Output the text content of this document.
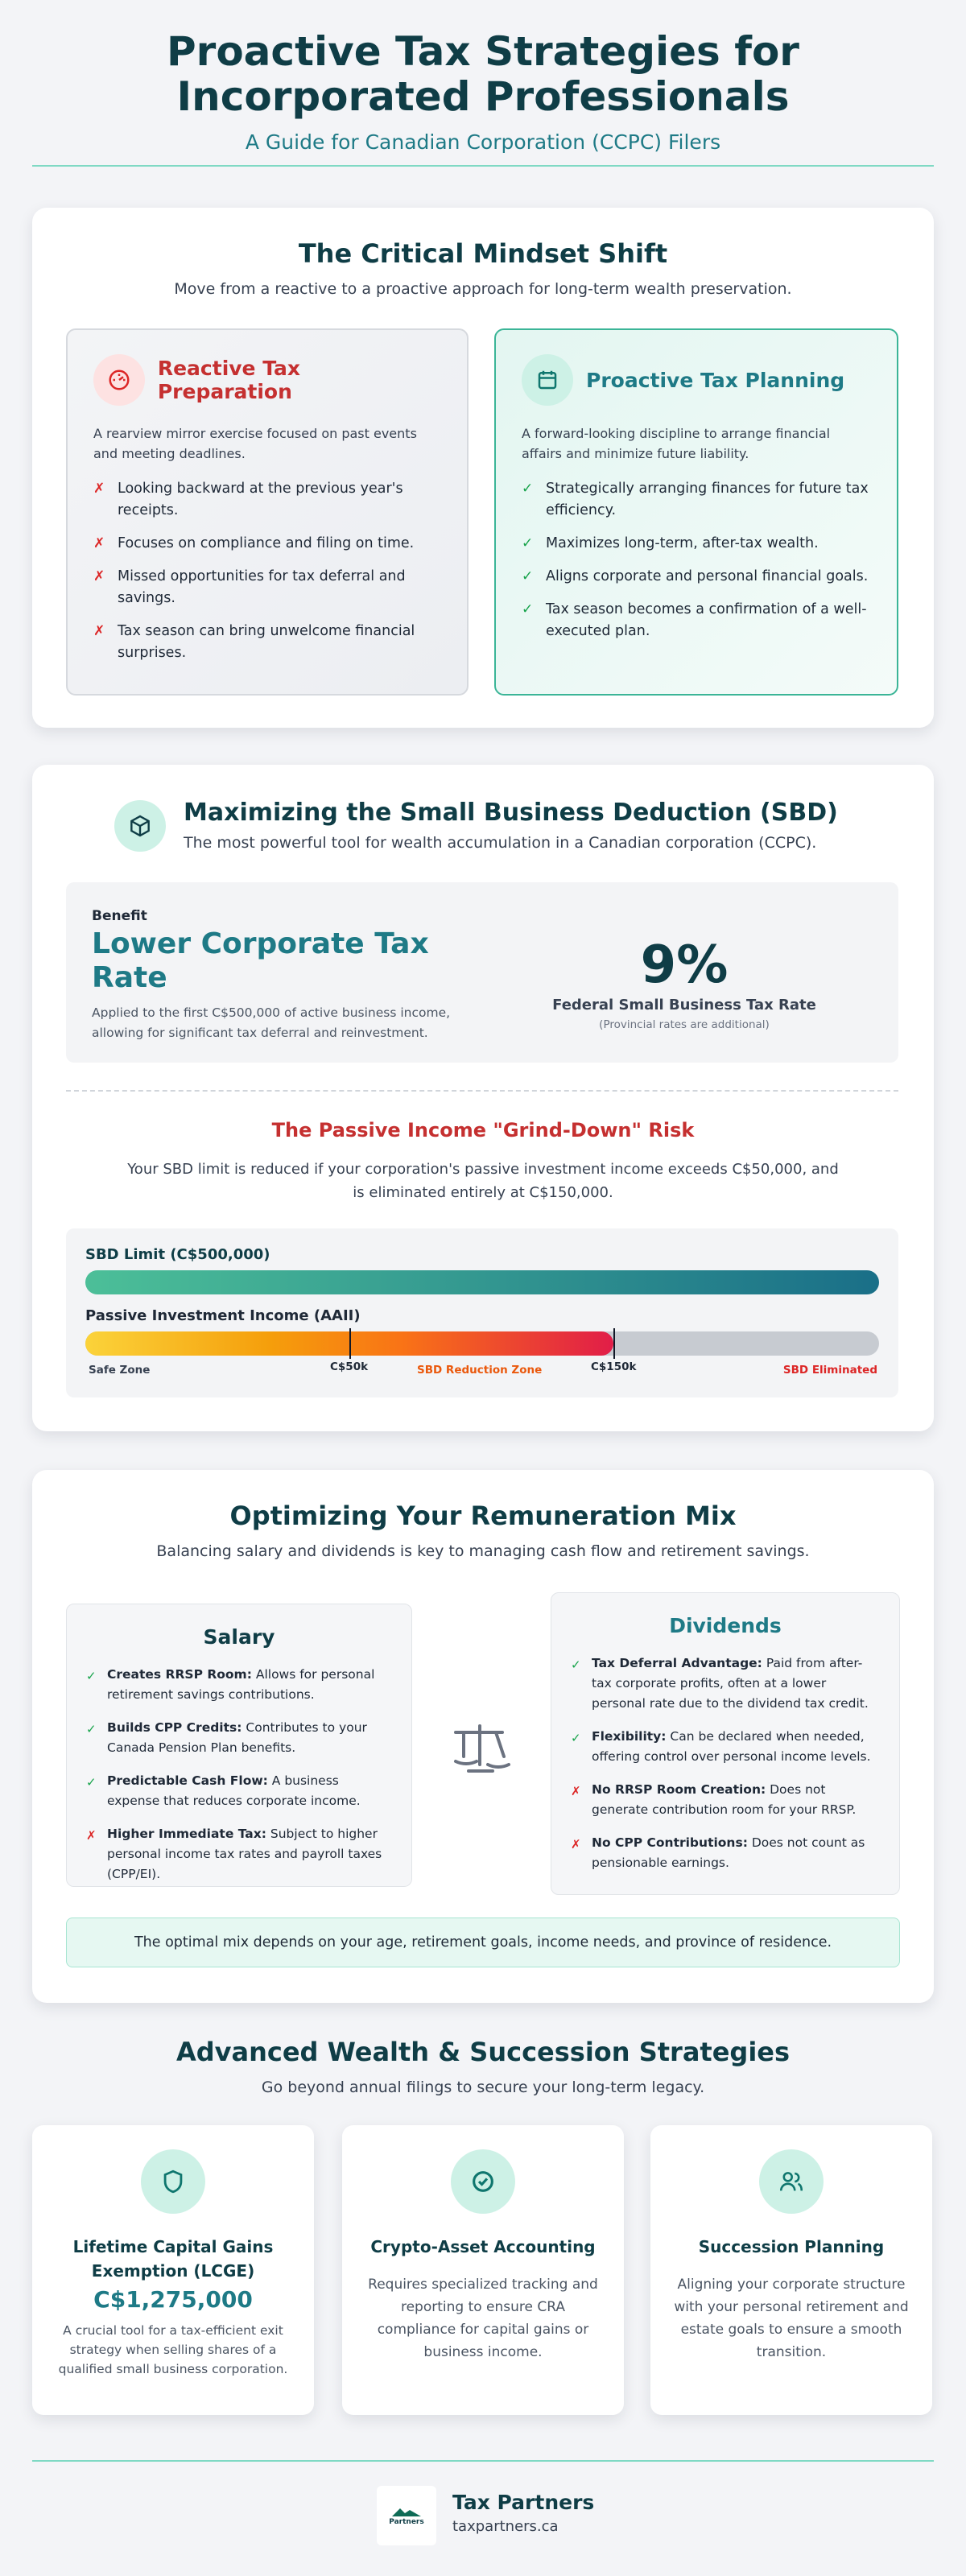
Proactive Tax Strategies for
Incorporated Professionals
A Guide for Canadian Corporation (CCPC) Filers
The Critical Mindset Shift
Move from a reactive to a proactive approach for long-term wealth preservation.
Reactive Tax Preparation
A rearview mirror exercise focused on past events and meeting deadlines.
✗ Looking backward at the previous year's receipts.
✗ Focuses on compliance and filing on time.
✗ Missed opportunities for tax deferral and savings.
✗ Tax season can bring unwelcome financial surprises.
Proactive Tax Planning
A forward-looking discipline to arrange financial affairs and minimize future liability.
✓ Strategically arranging finances for future tax efficiency.
✓ Maximizes long-term, after-tax wealth.
✓ Aligns corporate and personal financial goals.
✓ Tax season becomes a confirmation of a well-executed plan.
Maximizing the Small Business Deduction (SBD)
The most powerful tool for wealth accumulation in a Canadian corporation (CCPC).
Benefit
Lower Corporate Tax
Rate
Applied to the first C$500,000 of active business income, allowing for significant tax deferral and reinvestment.
9%
Federal Small Business Tax Rate
(Provincial rates are additional)
The Passive Income "Grind-Down" Risk
Your SBD limit is reduced if your corporation's passive investment income exceeds C$50,000, and
is eliminated entirely at C$150,000.
SBD Limit (C$500,000)
Passive Investment Income (AAII)
Safe Zone	C$50k	SBD Reduction Zone	C$150k	SBD Eliminated
Optimizing Your Remuneration Mix
Balancing salary and dividends is key to managing cash flow and retirement savings.
Salary
✓ Creates RRSP Room: Allows for personal retirement savings contributions.
✓ Builds CPP Credits: Contributes to your Canada Pension Plan benefits.
✓ Predictable Cash Flow: A business expense that reduces corporate income.
✗ Higher Immediate Tax: Subject to higher personal income tax rates and payroll taxes (CPP/EI).
Dividends
✓ Tax Deferral Advantage: Paid from after-tax corporate profits, often at a lower personal rate due to the dividend tax credit.
✓ Flexibility: Can be declared when needed, offering control over personal income levels.
✗ No RRSP Room Creation: Does not generate contribution room for your RRSP.
✗ No CPP Contributions: Does not count as pensionable earnings.
The optimal mix depends on your age, retirement goals, income needs, and province of residence.
Advanced Wealth & Succession Strategies
Go beyond annual filings to secure your long-term legacy.
Lifetime Capital Gains
Exemption (LCGE)
C$1,275,000

A crucial tool for a tax-efficient exit strategy when selling shares of a qualified small business corporation.

Crypto-Asset Accounting

Requires specialized tracking and reporting to ensure CRA compliance for capital gains or business income.

Succession Planning

Aligning your corporate structure with your personal retirement and estate goals to ensure a smooth transition.

Partners
Tax Partners
taxpartners.ca
